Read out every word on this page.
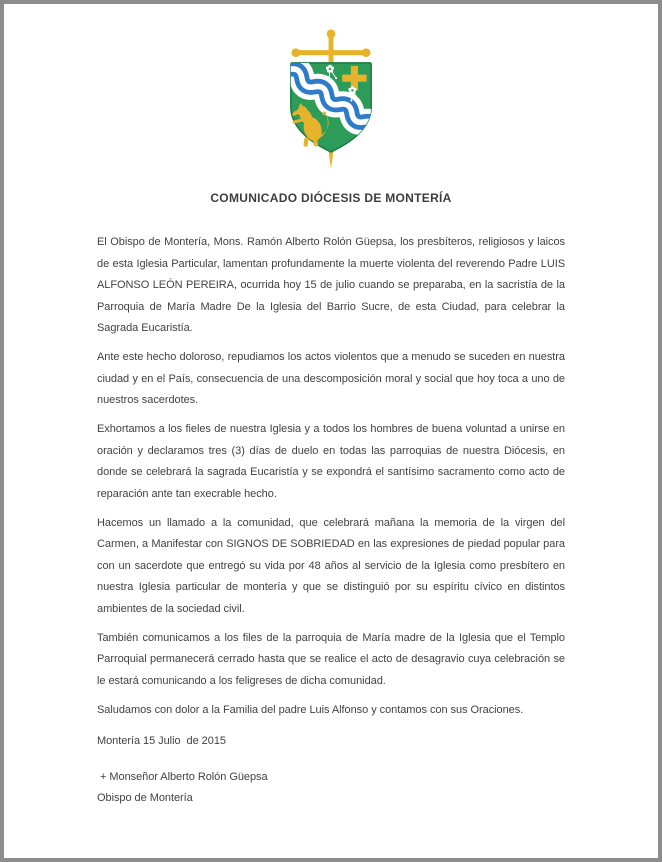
COMUNICADO DIÓCESIS DE MONTERÍA

El Obispo de Montería, Mons. Ramón Alberto Rolón Güepsa, los presbíteros, religiosos y laicos de esta Iglesia Particular, lamentan profundamente la muerte violenta del reverendo Padre LUIS ALFONSO LEÓN PEREIRA, ocurrida hoy 15 de julio cuando se preparaba, en la sacristía de la Parroquia de María Madre De la Iglesia del Barrio Sucre, de esta Ciudad, para celebrar la Sagrada Eucaristía.

Ante este hecho doloroso, repudiamos los actos violentos que a menudo se suceden en nuestra ciudad y en el País, consecuencia de una descomposición moral y social que hoy toca a uno de nuestros sacerdotes.

Exhortamos a los fieles de nuestra Iglesia y a todos los hombres de buena voluntad a unirse en oración y declaramos tres (3) días de duelo en todas las parroquias de nuestra Diócesis, en donde se celebrará la sagrada Eucaristía y se expondrá el santísimo sacramento como acto de reparación ante tan execrable hecho.

Hacemos un llamado a la comunidad, que celebrará mañana la memoria de la virgen del Carmen, a Manifestar con SIGNOS DE SOBRIEDAD en las expresiones de piedad popular para con un sacerdote que entregó su vida por 48 años al servicio de la Iglesia como presbítero en nuestra Iglesia particular de montería y que se distinguió por su espíritu cívico en distintos ambientes de la sociedad civil.

También comunicamos a los files de la parroquia de María madre de la Iglesia que el Templo Parroquial permanecerá cerrado hasta que se realice el acto de desagravio cuya celebración se le estará comunicando a los feligreses de dicha comunidad.

Saludamos con dolor a la Familia del padre Luis Alfonso y contamos con sus Oraciones.

Montería 15 Julio  de 2015

+ Monseñor Alberto Rolón Güepsa

Obispo de Montería
